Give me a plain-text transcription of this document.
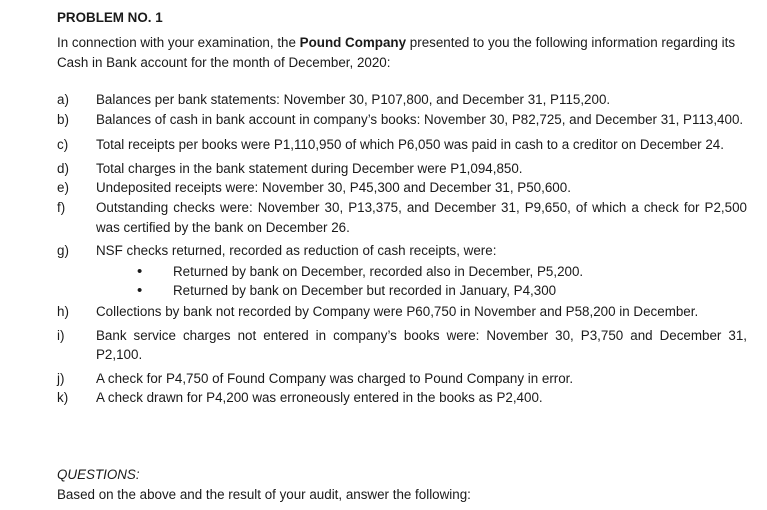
PROBLEM NO. 1
In connection with your examination, the Pound Company presented to you the following information regarding its Cash in Bank account for the month of December, 2020:
a)	Balances per bank statements: November 30, P107,800, and December 31, P115,200.
b)	Balances of cash in bank account in company’s books: November 30, P82,725, and December 31, P113,400.
c)	Total receipts per books were P1,110,950 of which P6,050 was paid in cash to a creditor on December 24.
d)	Total charges in the bank statement during December were P1,094,850.
e)	Undeposited receipts were: November 30, P45,300 and December 31, P50,600.
f)	Outstanding checks were: November 30, P13,375, and December 31, P9,650, of which a check for P2,500 was certified by the bank on December 26.
g)	NSF checks returned, recorded as reduction of cash receipts, were:
• Returned by bank on December, recorded also in December, P5,200.
• Returned by bank on December but recorded in January, P4,300
h)	Collections by bank not recorded by Company were P60,750 in November and P58,200 in December.
i)	Bank service charges not entered in company’s books were: November 30, P3,750 and December 31, P2,100.
j)	A check for P4,750 of Found Company was charged to Pound Company in error.
k)	A check drawn for P4,200 was erroneously entered in the books as P2,400.
QUESTIONS:
Based on the above and the result of your audit, answer the following:
